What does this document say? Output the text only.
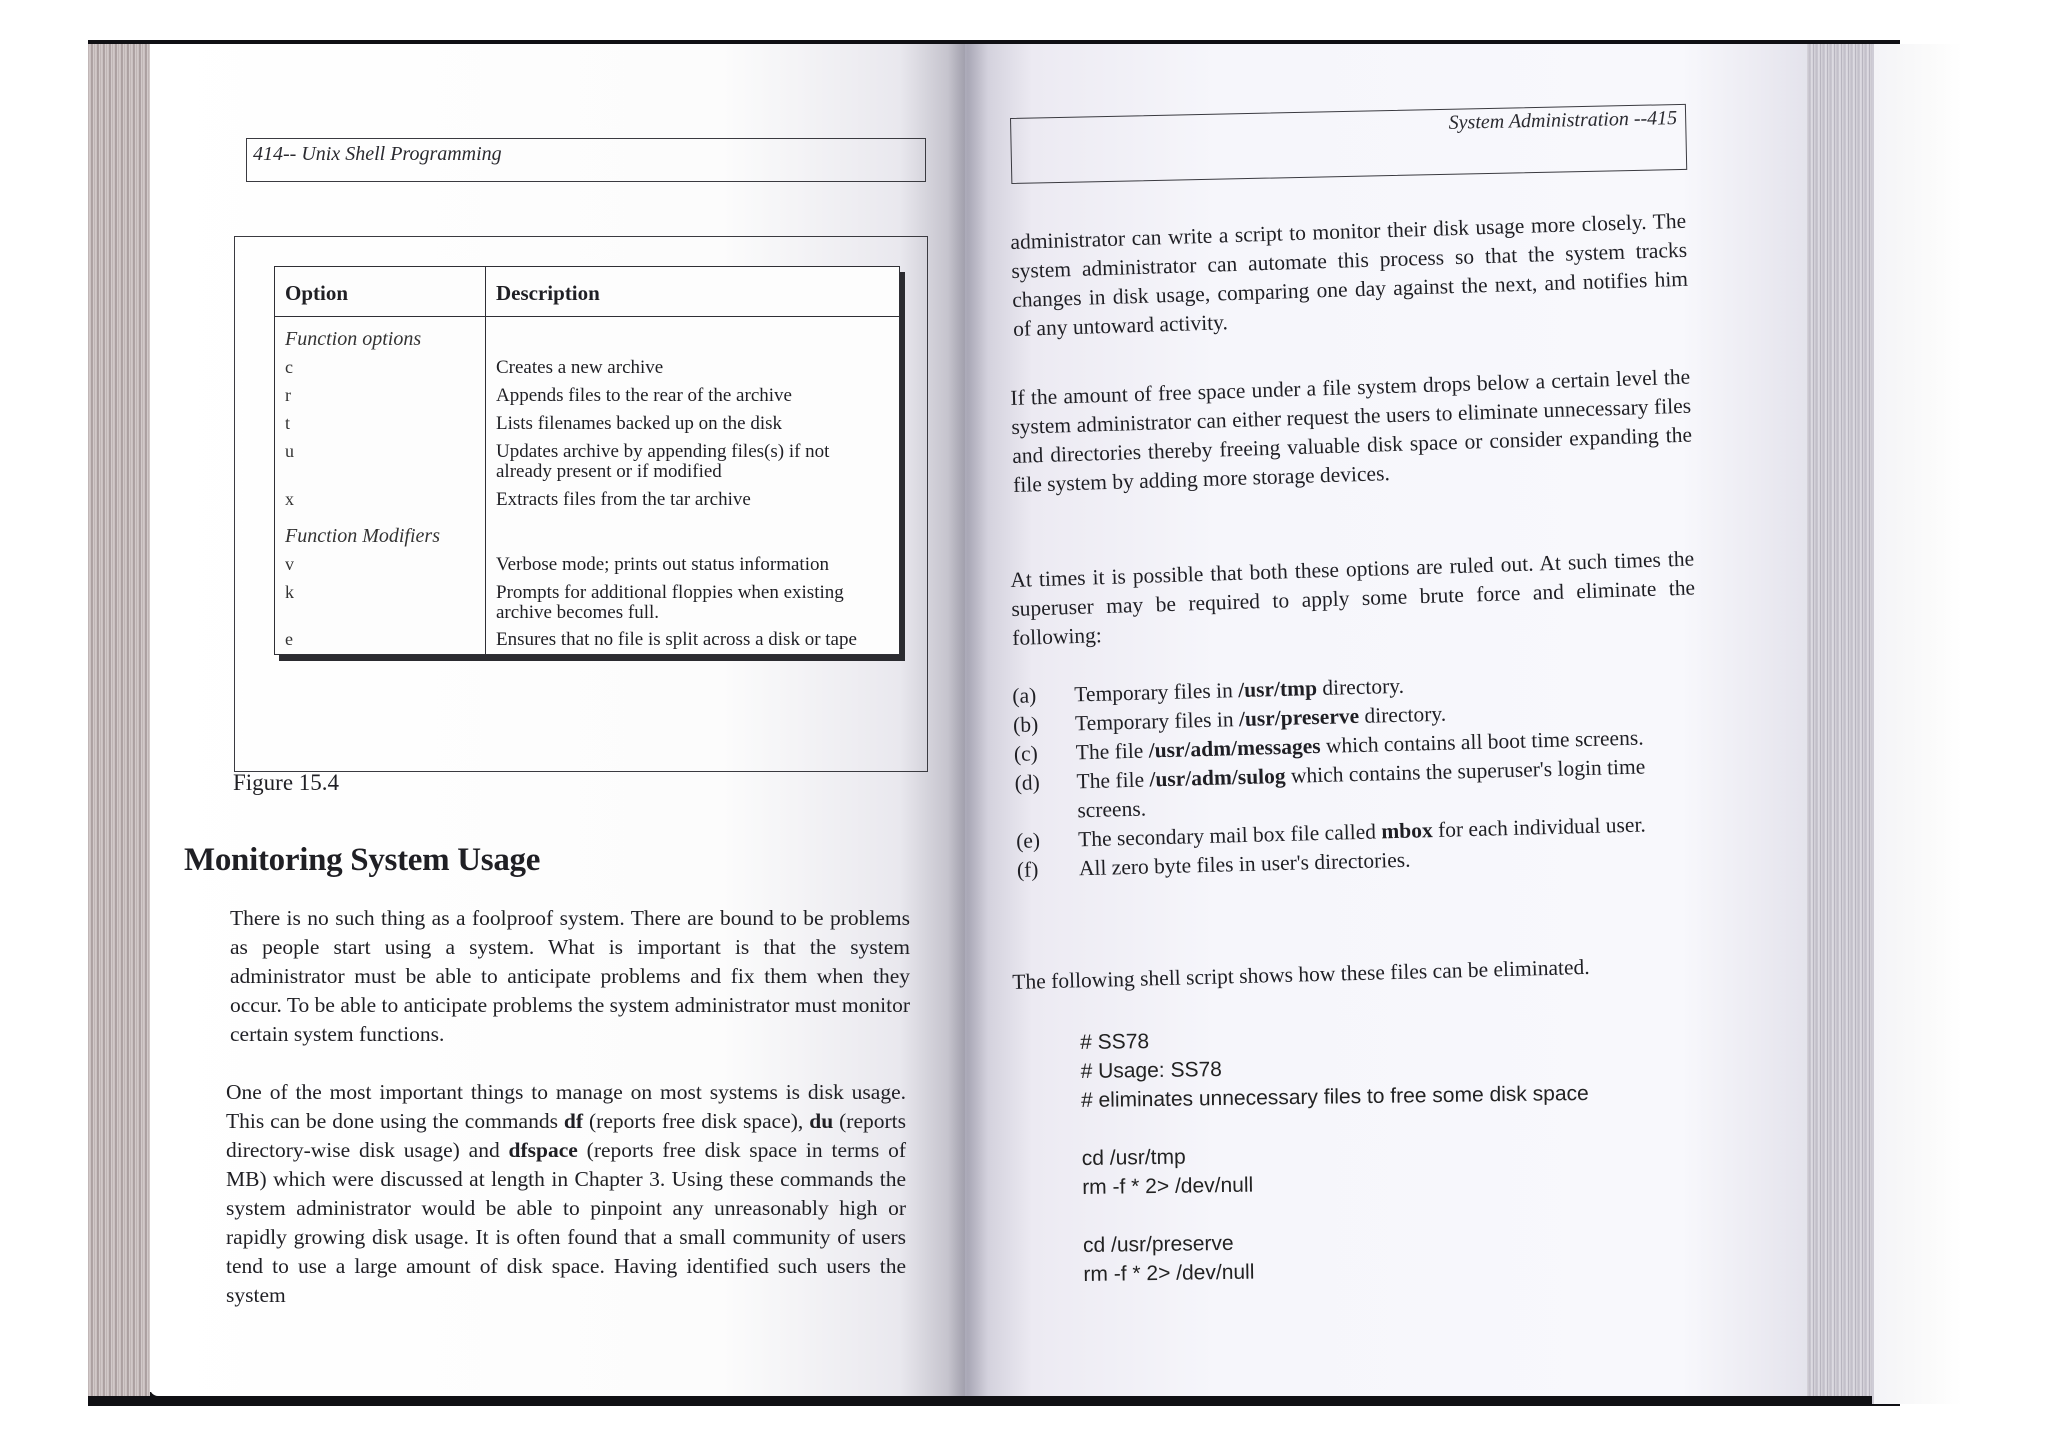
414-- Unix Shell Programming
Option	Description
Function options	
c	Creates a new archive
r	Appends files to the rear of the archive
t	Lists filenames backed up on the disk
u	Updates archive by appending files(s) if not already present or if modified
x	Extracts files from the tar archive
Function Modifiers	
v	Verbose mode; prints out status information
k	Prompts for additional floppies when existing archive becomes full.
e	Ensures that no file is split across a disk or tape
Figure 15.4
Monitoring System Usage
There is no such thing as a foolproof system. There are bound to be problems as people start using a system. What is important is that the system administrator must be able to anticipate problems and fix them when they occur. To be able to anticipate problems the system administrator must monitor certain system functions.
One of the most important things to manage on most systems is disk usage. This can be done using the commands df (reports free disk space), du (reports directory-wise disk usage) and dfspace (reports free disk space in terms of MB) which were discussed at length in Chapter 3. Using these commands the system administrator would be able to pinpoint any unreasonably high or rapidly growing disk usage. It is often found that a small community of users tend to use a large amount of disk space. Having identified such users the system
System Administration --415
administrator can write a script to monitor their disk usage more closely. The system administrator can automate this process so that the system tracks changes in disk usage, comparing one day against the next, and notifies him of any untoward activity.
If the amount of free space under a file system drops below a certain level the system administrator can either request the users to eliminate unnecessary files and directories thereby freeing valuable disk space or consider expanding the file system by adding more storage devices.
At times it is possible that both these options are ruled out. At such times the superuser may be required to apply some brute force and eliminate the following:
(a)	Temporary files in /usr/tmp directory.
(b)	Temporary files in /usr/preserve directory.
(c)	The file /usr/adm/messages which contains all boot time screens.
(d)	The file /usr/adm/sulog which contains the superuser's login time screens.
(e)	The secondary mail box file called mbox for each individual user.
(f)	All zero byte files in user's directories.
The following shell script shows how these files can be eliminated.
# SS78
# Usage: SS78
# eliminates unnecessary files to free some disk space
cd /usr/tmp
rm -f * 2> /dev/null
cd /usr/preserve
rm -f * 2> /dev/null
